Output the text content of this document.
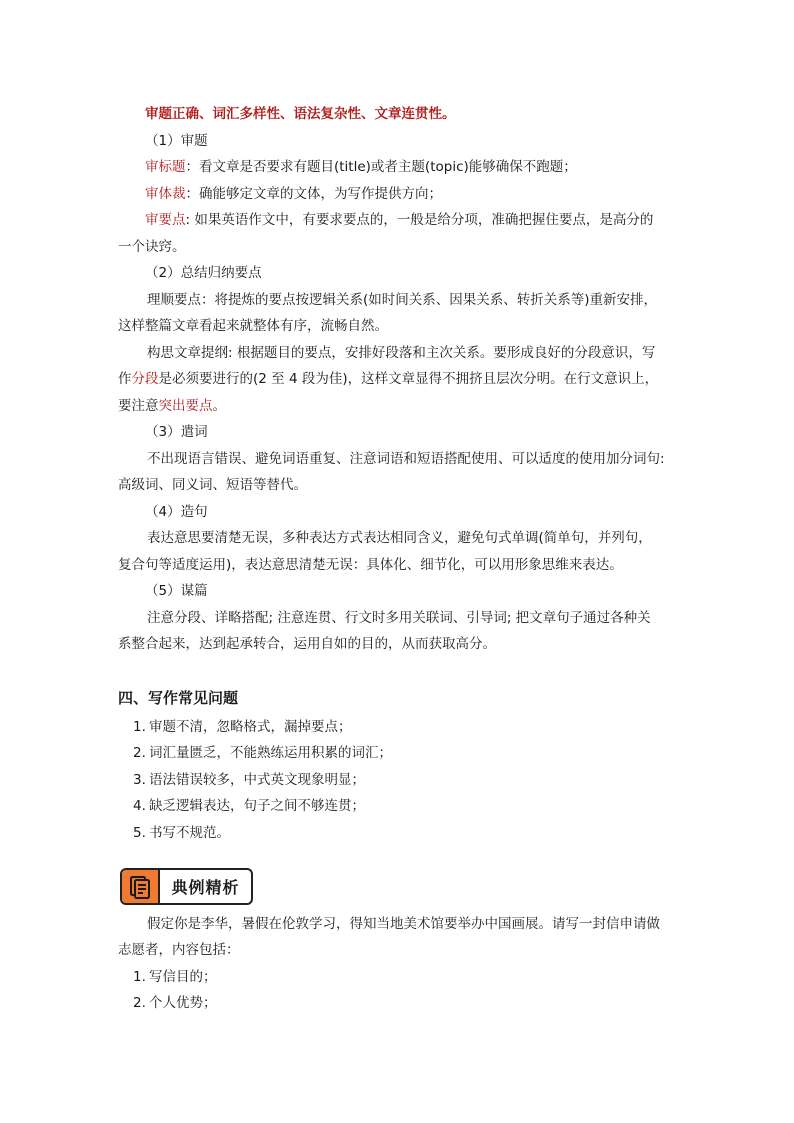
审题正确、词汇多样性、语法复杂性、文章连贯性。
（1）审题
审标题：看文章是否要求有题目(title)或者主题(topic)能够确保不跑题；
审体裁：确能够定文章的文体，为写作提供方向；
审要点: 如果英语作文中，有要求要点的，一般是给分项，准确把握住要点，是高分的
一个诀窍。
（2）总结归纳要点
理顺要点：将提炼的要点按逻辑关系(如时间关系、因果关系、转折关系等)重新安排，
这样整篇文章看起来就整体有序，流畅自然。
构思文章提纲: 根据题目的要点，安排好段落和主次关系。要形成良好的分段意识，写
作分段是必须要进行的(2 至 4 段为佳)，这样文章显得不拥挤且层次分明。在行文意识上，
要注意突出要点。
（3）遣词
不出现语言错误、避免词语重复、注意词语和短语搭配使用、可以适度的使用加分词句:
高级词、同义词、短语等替代。
（4）造句
表达意思要清楚无误，多种表达方式表达相同含义，避免句式单调(简单句，并列句，
复合句等适度运用)，表达意思清楚无误：具体化、细节化，可以用形象思维来表达。
（5）谋篇
注意分段、详略搭配; 注意连贯、行文时多用关联词、引导词; 把文章句子通过各种关
系整合起来，达到起承转合，运用自如的目的，从而获取高分。
四、写作常见问题
1. 审题不清，忽略格式，漏掉要点；
2. 词汇量匮乏，不能熟练运用积累的词汇；
3. 语法错误较多，中式英文现象明显；
4. 缺乏逻辑表达，句子之间不够连贯；
5. 书写不规范。
典例精析
假定你是李华，暑假在伦敦学习，得知当地美术馆要举办中国画展。请写一封信申请做
志愿者，内容包括：
1. 写信目的；
2. 个人优势；
